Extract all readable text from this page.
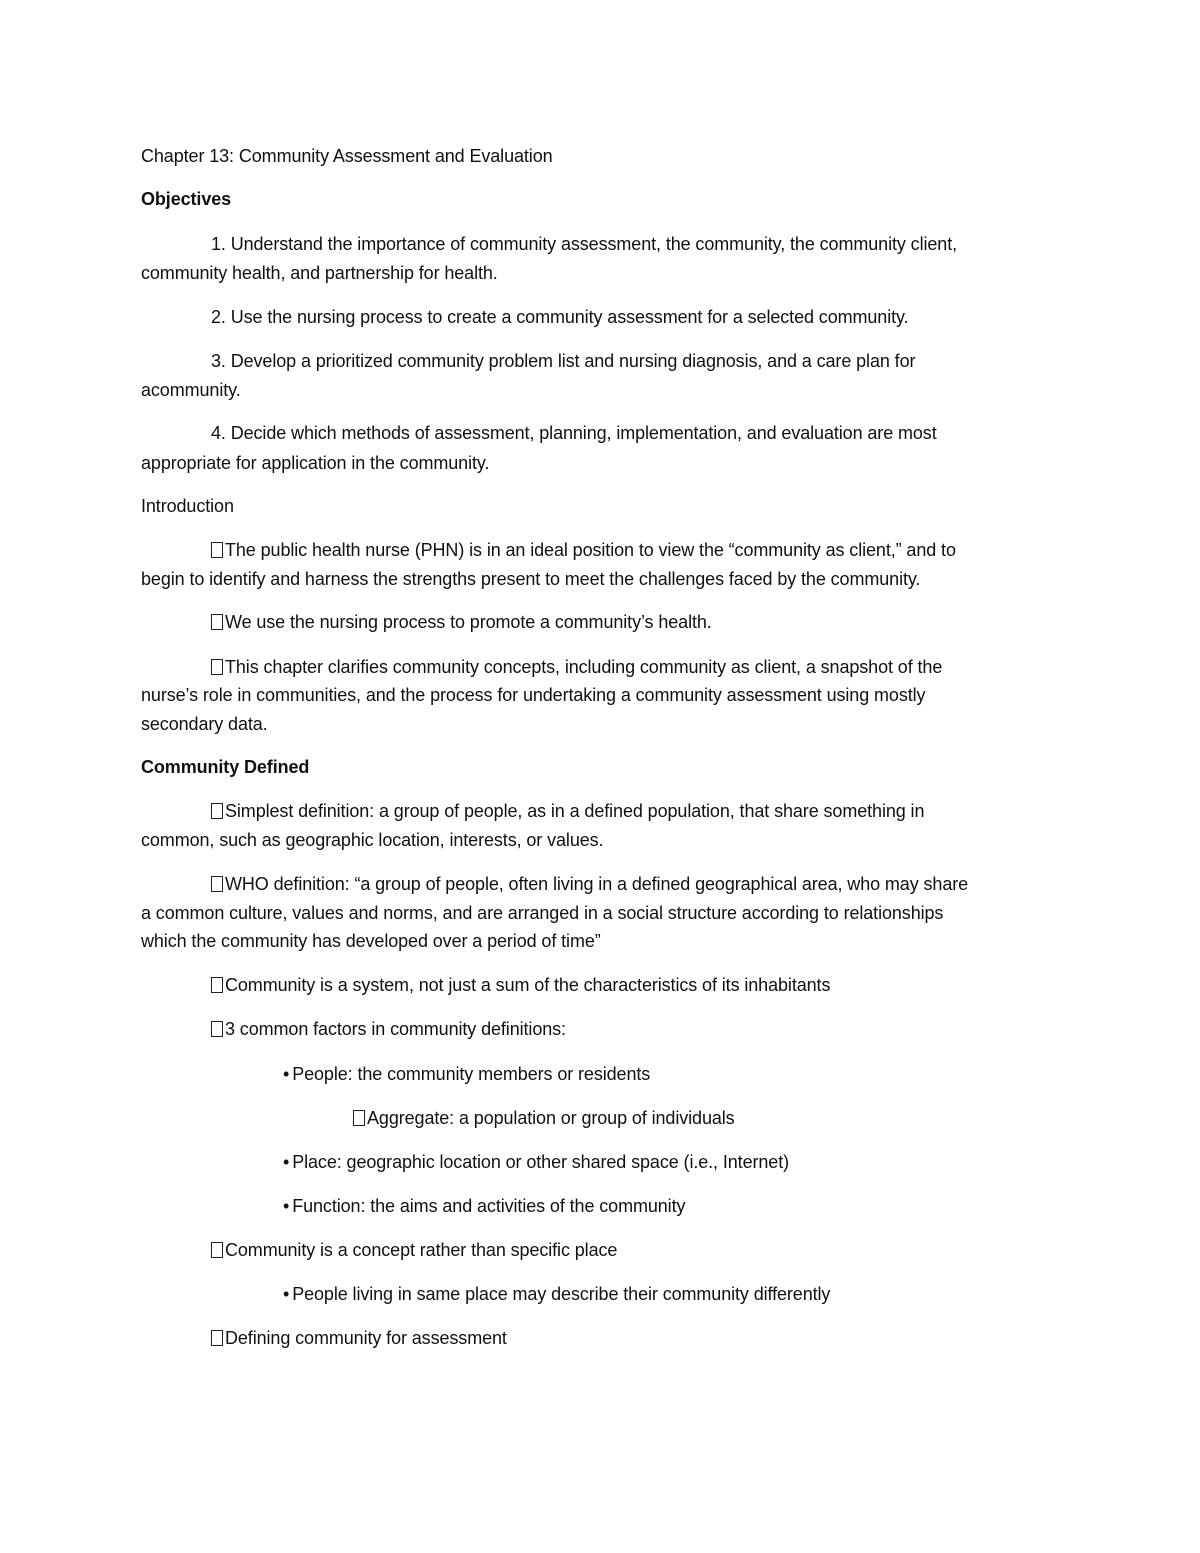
Chapter 13: Community Assessment and Evaluation
Objectives
1. Understand the importance of community assessment, the community, the community client,
community health, and partnership for health.
2. Use the nursing process to create a community assessment for a selected community.
3. Develop a prioritized community problem list and nursing diagnosis, and a care plan for
acommunity.
4. Decide which methods of assessment, planning, implementation, and evaluation are most
appropriate for application in the community.
Introduction
The public health nurse (PHN) is in an ideal position to view the “community as client,” and to
begin to identify and harness the strengths present to meet the challenges faced by the community.
We use the nursing process to promote a community’s health.
This chapter clarifies community concepts, including community as client, a snapshot of the
nurse’s role in communities, and the process for undertaking a community assessment using mostly
secondary data.
Community Defined
Simplest definition: a group of people, as in a defined population, that share something in
common, such as geographic location, interests, or values.
WHO definition: “a group of people, often living in a defined geographical area, who may share
a common culture, values and norms, and are arranged in a social structure according to relationships
which the community has developed over a period of time”
Community is a system, not just a sum of the characteristics of its inhabitants
3 common factors in community definitions:
• People: the community members or residents
Aggregate: a population or group of individuals
• Place: geographic location or other shared space (i.e., Internet)
• Function: the aims and activities of the community
Community is a concept rather than specific place
• People living in same place may describe their community differently
Defining community for assessment
